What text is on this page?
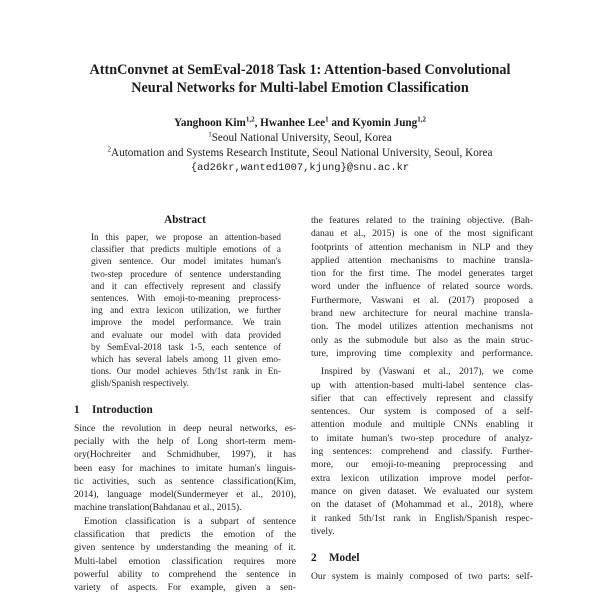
AttnConvnet at SemEval-2018 Task 1: Attention-based Convolutional
Neural Networks for Multi-label Emotion Classification
Yanghoon Kim$^{1,2}$, Hwanhee Lee$^1$ and Kyomin Jung$^{1,2}$
$^1$Seoul National University, Seoul, Korea
$^2$Automation and Systems Research Institute, Seoul National University, Seoul, Korea
{ad26kr,wanted1007,kjung}@snu.ac.kr
Abstract
In this paper, we propose an attention-based
classifier that predicts multiple emotions of a
given sentence. Our model imitates human's
two-step procedure of sentence understanding
and it can effectively represent and classify
sentences. With emoji-to-meaning preprocess-
ing and extra lexicon utilization, we further
improve the model performance. We train
and evaluate our model with data provided
by SemEval-2018 task 1-5, each sentence of
which has several labels among 11 given emo-
tions. Our model achieves 5th/1st rank in En-
glish/Spanish respectively.
1 Introduction
Since the revolution in deep neural networks, es-
pecially with the help of Long short-term mem-
ory(Hochreiter and Schmidhuber, 1997), it has
been easy for machines to imitate human's linguis-
tic activities, such as sentence classification(Kim,
2014), language model(Sundermeyer et al., 2010),
machine translation(Bahdanau et al., 2015).
Emotion classification is a subpart of sentence
classification that predicts the emotion of the
given sentence by understanding the meaning of it.
Multi-label emotion classification requires more
powerful ability to comprehend the sentence in
variety of aspects. For example, given a sen-
the features related to the training objective. (Bah-
danau et al., 2015) is one of the most significant
footprints of attention mechanism in NLP and they
applied attention mechanisms to machine transla-
tion for the first time. The model generates target
word under the influence of related source words.
Furthermore, Vaswani et al. (2017) proposed a
brand new architecture for neural machine transla-
tion. The model utilizes attention mechanisms not
only as the submodule but also as the main struc-
ture, improving time complexity and performance.
Inspired by (Vaswani et al., 2017), we come
up with attention-based multi-label sentence clas-
sifier that can effectively represent and classify
sentences. Our system is composed of a self-
attention module and multiple CNNs enabling it
to imitate human's two-step procedure of analyz-
ing sentences: comprehend and classify. Further-
more, our emoji-to-meaning preprocessing and
extra lexicon utilization improve model perfor-
mance on given dataset. We evaluated our system
on the dataset of (Mohammad et al., 2018), where
it ranked 5th/1st rank in English/Spanish respec-
tively.
2 Model
Our system is mainly composed of two parts: self-
